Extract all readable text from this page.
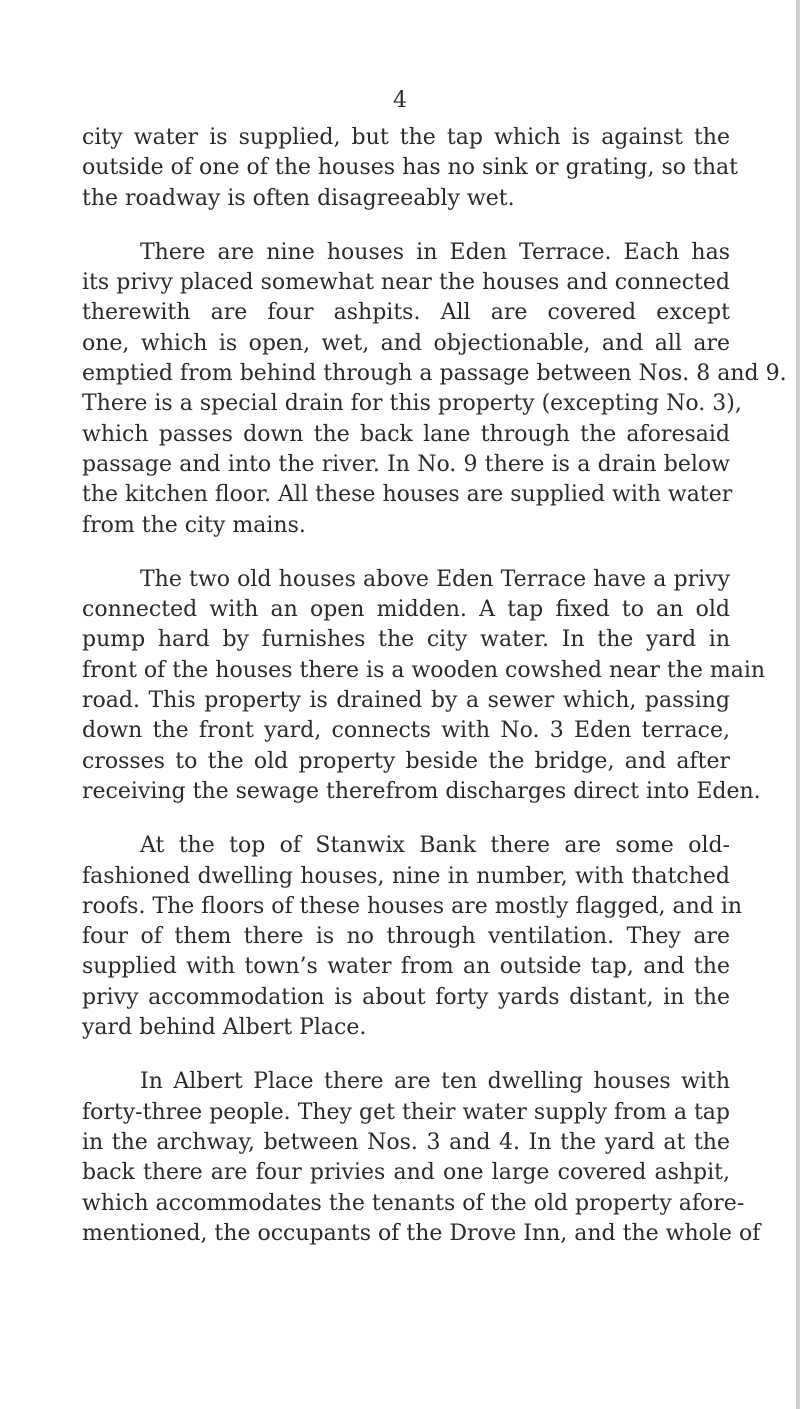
4
city water is supplied, but the tap which is against the
outside of one of the houses has no sink or grating, so that
the roadway is often disagreeably wet.
There are nine houses in Eden Terrace. Each has
its privy placed somewhat near the houses and connected
therewith are four ashpits. All are covered except
one, which is open, wet, and objectionable, and all are
emptied from behind through a passage between Nos. 8 and 9.
There is a special drain for this property (excepting No. 3),
which passes down the back lane through the aforesaid
passage and into the river. In No. 9 there is a drain below
the kitchen floor. All these houses are supplied with water
from the city mains.
The two old houses above Eden Terrace have a privy
connected with an open midden. A tap fixed to an old
pump hard by furnishes the city water. In the yard in
front of the houses there is a wooden cowshed near the main
road. This property is drained by a sewer which, passing
down the front yard, connects with No. 3 Eden terrace,
crosses to the old property beside the bridge, and after
receiving the sewage therefrom discharges direct into Eden.
At the top of Stanwix Bank there are some old-
fashioned dwelling houses, nine in number, with thatched
roofs. The floors of these houses are mostly flagged, and in
four of them there is no through ventilation. They are
supplied with town’s water from an outside tap, and the
privy accommodation is about forty yards distant, in the
yard behind Albert Place.
In Albert Place there are ten dwelling houses with
forty-three people. They get their water supply from a tap
in the archway, between Nos. 3 and 4. In the yard at the
back there are four privies and one large covered ashpit,
which accommodates the tenants of the old property afore-
mentioned, the occupants of the Drove Inn, and the whole of
